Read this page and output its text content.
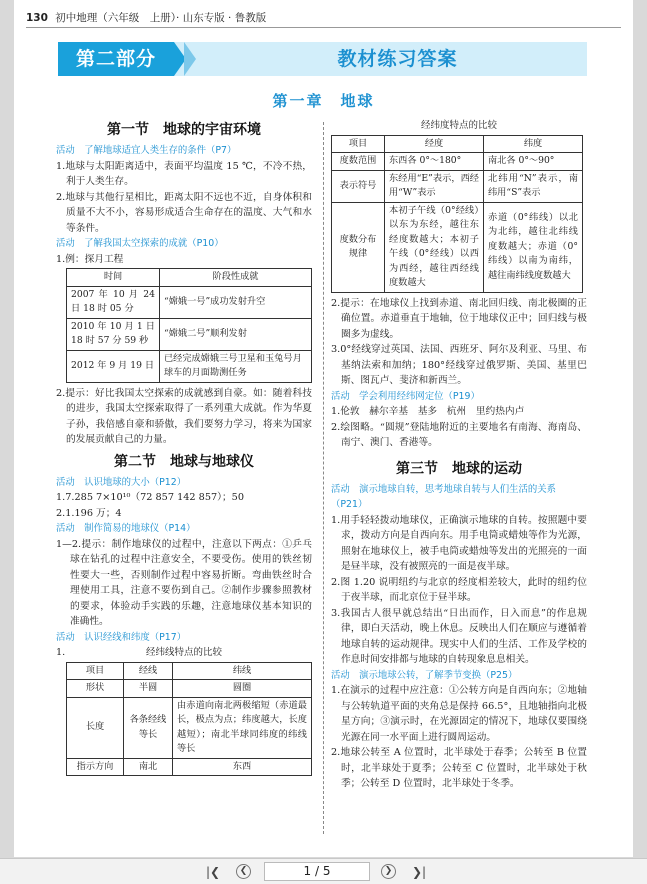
130 初中地理（六年级　上册）· 山东专版 · 鲁教版
第二部分	教材练习答案
第一章　地球
第一节　地球的宇宙环境
活动　了解地球适宜人类生存的条件（P7）
1.地球与太阳距离适中，表面平均温度 15 ℃，不冷不热，利于人类生存。
2.地球与其他行星相比，距离太阳不远也不近，自身体积和质量不大不小，容易形成适合生命存在的温度、大气和水等条件。
活动　了解我国太空探索的成就（P10）
1.例：探月工程
时间	阶段性成就
2007 年 10 月 24 日 18 时 05 分	“嫦娥一号”成功发射升空
2010 年 10 月 1 日 18 时 57 分 59 秒	“嫦娥二号”顺利发射
2012 年 9 月 19 日	已经完成嫦娥三号卫星和玉兔号月球车的月面勘测任务
2.提示：好比我国太空探索的成就感到自豪。如：随着科技的进步，我国太空探索取得了一系列重大成就。作为华夏子孙，我倍感自豪和骄傲，我们要努力学习，将来为国家的发展贡献自己的力量。
第二节　地球与地球仪
活动　认识地球的大小（P12）
1.7.285 7×10¹⁰（72 857 142 857）；50
2.1.196 万；4
活动　制作简易的地球仪（P14）
1—2.提示：制作地球仪的过程中，注意以下两点：①乒乓球在钻孔的过程中注意安全，不要受伤。使用的铁丝韧性要大一些，否则制作过程中容易折断。弯曲铁丝时合理使用工具，注意不要伤到自己。②制作步骤参照教材的要求，体验动手实践的乐趣，注意地球仪基本知识的准确性。
活动　认识经线和纬度（P17）
1.	经纬线特点的比较
项目	经线	纬线
形状	半圆	圆圈
长度	各条经线等长	由赤道向南北两极缩短（赤道最长，极点为点；纬度越大，长度越短）；南北半球同纬度的纬线等长
指示方向	南北	东西
经纬度特点的比较
项目	经度	纬度
度数范围	东西各 0°～180°	南北各 0°～90°
表示符号	东经用“E”表示，西经用“W”表示	北纬用“N”表示，南纬用“S”表示
度数分布规律	本初子午线（0°经线）以东为东经，越往东经度数越大；本初子午线（0°经线）以西为西经，越往西经线度数越大	赤道（0°纬线）以北为北纬，越往北纬线度数越大；赤道（0°纬线）以南为南纬，越往南纬线度数越大
2.提示：在地球仪上找到赤道、南北回归线、南北极圈的正确位置。赤道垂直于地轴，位于地球仪正中；回归线与极圈多为虚线。
3.0°经线穿过英国、法国、西班牙、阿尔及利亚、马里、布基纳法索和加纳；180°经线穿过俄罗斯、美国、基里巴斯、图瓦卢、斐济和新西兰。
活动　学会利用经纬网定位（P19）
1.伦敦　赫尔辛基　基多　杭州　里约热内卢
2.绘图略。“圆规”登陆地附近的主要地名有南海、海南岛、南宁、澳门、香港等。
第三节　地球的运动
活动　演示地球自转，思考地球自转与人们生活的关系（P21）
1.用手轻轻拨动地球仪，正确演示地球的自转。按照题中要求，拨动方向是自西向东。用手电筒或蜡烛等作为光源，照射在地球仪上，被手电筒或蜡烛等发出的光照亮的一面是昼半球，没有被照亮的一面是夜半球。
2.图 1.20 说明纽约与北京的经度相差较大，此时的纽约位于夜半球，而北京位于昼半球。
3.我国古人很早就总结出“日出而作，日入而息”的作息规律，即白天活动，晚上休息。反映出人们在顺应与遵循着地球自转的运动规律。现实中人们的生活、工作及学校的作息时间安排都与地球的自转现象息息相关。
活动　演示地球公转，了解季节变换（P25）
1.在演示的过程中应注意：①公转方向是自西向东；②地轴与公转轨道平面的夹角总是保持 66.5°，且地轴指向北极星方向；③演示时，在光源固定的情况下，地球仅要围绕光源在同一水平面上进行圆周运动。
2.地球公转至 A 位置时，北半球处于春季；公转至 B 位置时，北半球处于夏季；公转至 C 位置时，北半球处于秋季；公转至 D 位置时，北半球处于冬季。
|❮	❮	1 / 5	❯	❯|
